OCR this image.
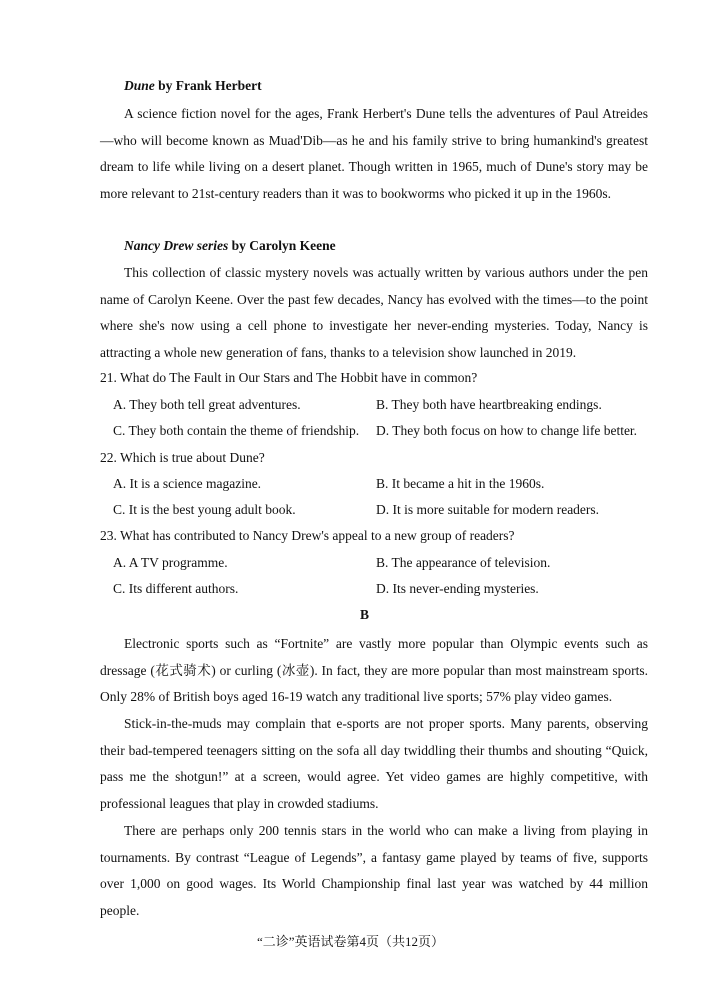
Dune by Frank Herbert
A science fiction novel for the ages, Frank Herbert's Dune tells the adventures of Paul Atreides—who will become known as Muad'Dib—as he and his family strive to bring humankind's greatest dream to life while living on a desert planet. Though written in 1965, much of Dune's story may be more relevant to 21st-century readers than it was to bookworms who picked it up in the 1960s.
Nancy Drew series by Carolyn Keene
This collection of classic mystery novels was actually written by various authors under the pen name of Carolyn Keene. Over the past few decades, Nancy has evolved with the times—to the point where she's now using a cell phone to investigate her never-ending mysteries. Today, Nancy is attracting a whole new generation of fans, thanks to a television show launched in 2019.
21. What do The Fault in Our Stars and The Hobbit have in common?
A. They both tell great adventures.	B. They both have heartbreaking endings.
C. They both contain the theme of friendship. D. They both focus on how to change life better.
22. Which is true about Dune?
A. It is a science magazine.	B. It became a hit in the 1960s.
C. It is the best young adult book.	D. It is more suitable for modern readers.
23. What has contributed to Nancy Drew's appeal to a new group of readers?
A. A TV programme.	B. The appearance of television.
C. Its different authors.	D. Its never-ending mysteries.
B
Electronic sports such as “Fortnite” are vastly more popular than Olympic events such as dressage (花式骑术) or curling (冰壶). In fact, they are more popular than most mainstream sports. Only 28% of British boys aged 16-19 watch any traditional live sports; 57% play video games.
Stick-in-the-muds may complain that e-sports are not proper sports. Many parents, observing their bad-tempered teenagers sitting on the sofa all day twiddling their thumbs and shouting “Quick, pass me the shotgun!” at a screen, would agree. Yet video games are highly competitive, with professional leagues that play in crowded stadiums.
There are perhaps only 200 tennis stars in the world who can make a living from playing in tournaments. By contrast “League of Legends”, a fantasy game played by teams of five, supports over 1,000 on good wages. Its World Championship final last year was watched by 44 million people.
“二诊”英语试卷第4页（共12页）
